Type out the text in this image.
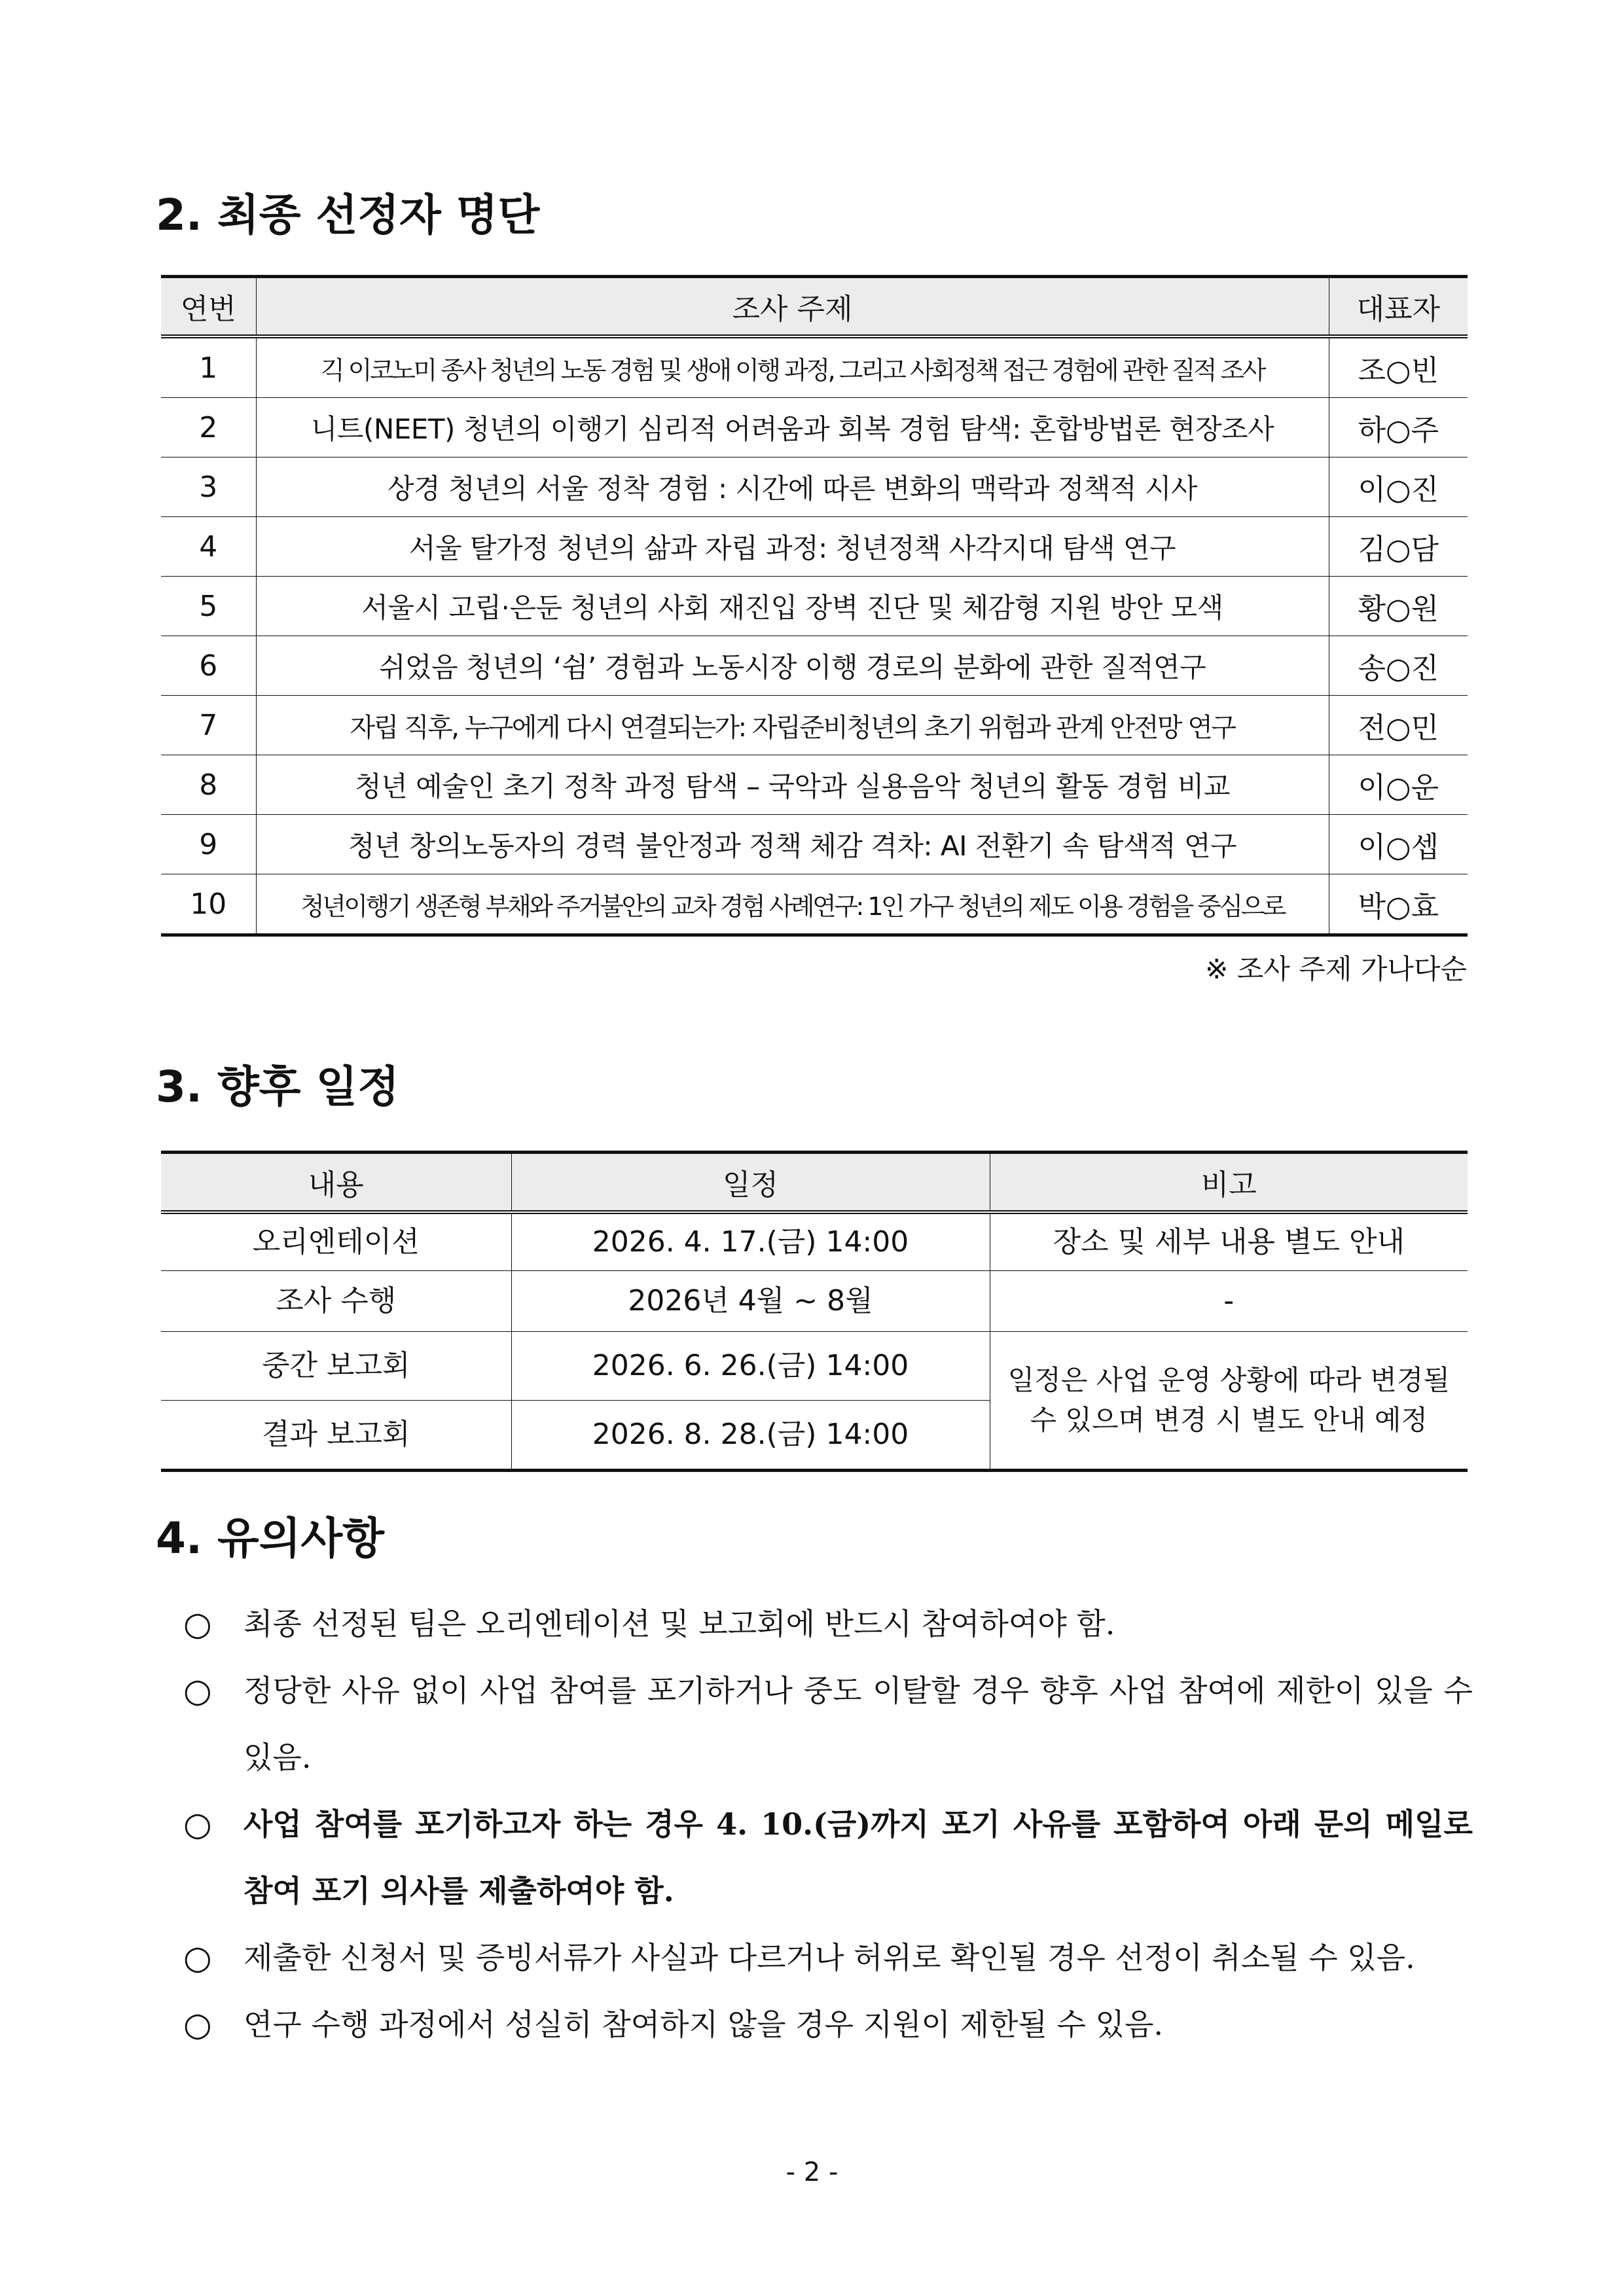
2. 최종 선정자 명단
연번	조사 주제	대표자
1	긱 이코노미 종사 청년의 노동 경험 및 생애 이행 과정, 그리고 사회정책 접근 경험에 관한 질적 조사	조○빈
2	니트(NEET) 청년의 이행기 심리적 어려움과 회복 경험 탐색: 혼합방법론 현장조사	하○주
3	상경 청년의 서울 정착 경험 : 시간에 따른 변화의 맥락과 정책적 시사	이○진
4	서울 탈가정 청년의 삶과 자립 과정: 청년정책 사각지대 탐색 연구	김○담
5	서울시 고립·은둔 청년의 사회 재진입 장벽 진단 및 체감형 지원 방안 모색	황○원
6	쉬었음 청년의 ‘쉼’ 경험과 노동시장 이행 경로의 분화에 관한 질적연구	송○진
7	자립 직후, 누구에게 다시 연결되는가: 자립준비청년의 초기 위험과 관계 안전망 연구	전○민
8	청년 예술인 초기 정착 과정 탐색 – 국악과 실용음악 청년의 활동 경험 비교	이○운
9	청년 창의노동자의 경력 불안정과 정책 체감 격차: AI 전환기 속 탐색적 연구	이○셉
10	청년이행기 생존형 부채와 주거불안의 교차 경험 사례연구: 1인 가구 청년의 제도 이용 경험을 중심으로	박○효
※ 조사 주제 가나다순
3. 향후 일정
내용	일정	비고
오리엔테이션	2026. 4. 17.(금) 14:00	장소 및 세부 내용 별도 안내
조사 수행	2026년 4월 ~ 8월	-
중간 보고회	2026. 6. 26.(금) 14:00	일정은 사업 운영 상황에 따라 변경될 수 있으며 변경 시 별도 안내 예정
결과 보고회	2026. 8. 28.(금) 14:00	
4. 유의사항
○ 최종 선정된 팀은 오리엔테이션 및 보고회에 반드시 참여하여야 함.
○ 정당한 사유 없이 사업 참여를 포기하거나 중도 이탈할 경우 향후 사업 참여에 제한이 있을 수 있음.
○ 사업 참여를 포기하고자 하는 경우 4. 10.(금)까지 포기 사유를 포함하여 아래 문의 메일로 참여 포기 의사를 제출하여야 함.
○ 제출한 신청서 및 증빙서류가 사실과 다르거나 허위로 확인될 경우 선정이 취소될 수 있음.
○ 연구 수행 과정에서 성실히 참여하지 않을 경우 지원이 제한될 수 있음.
- 2 -
